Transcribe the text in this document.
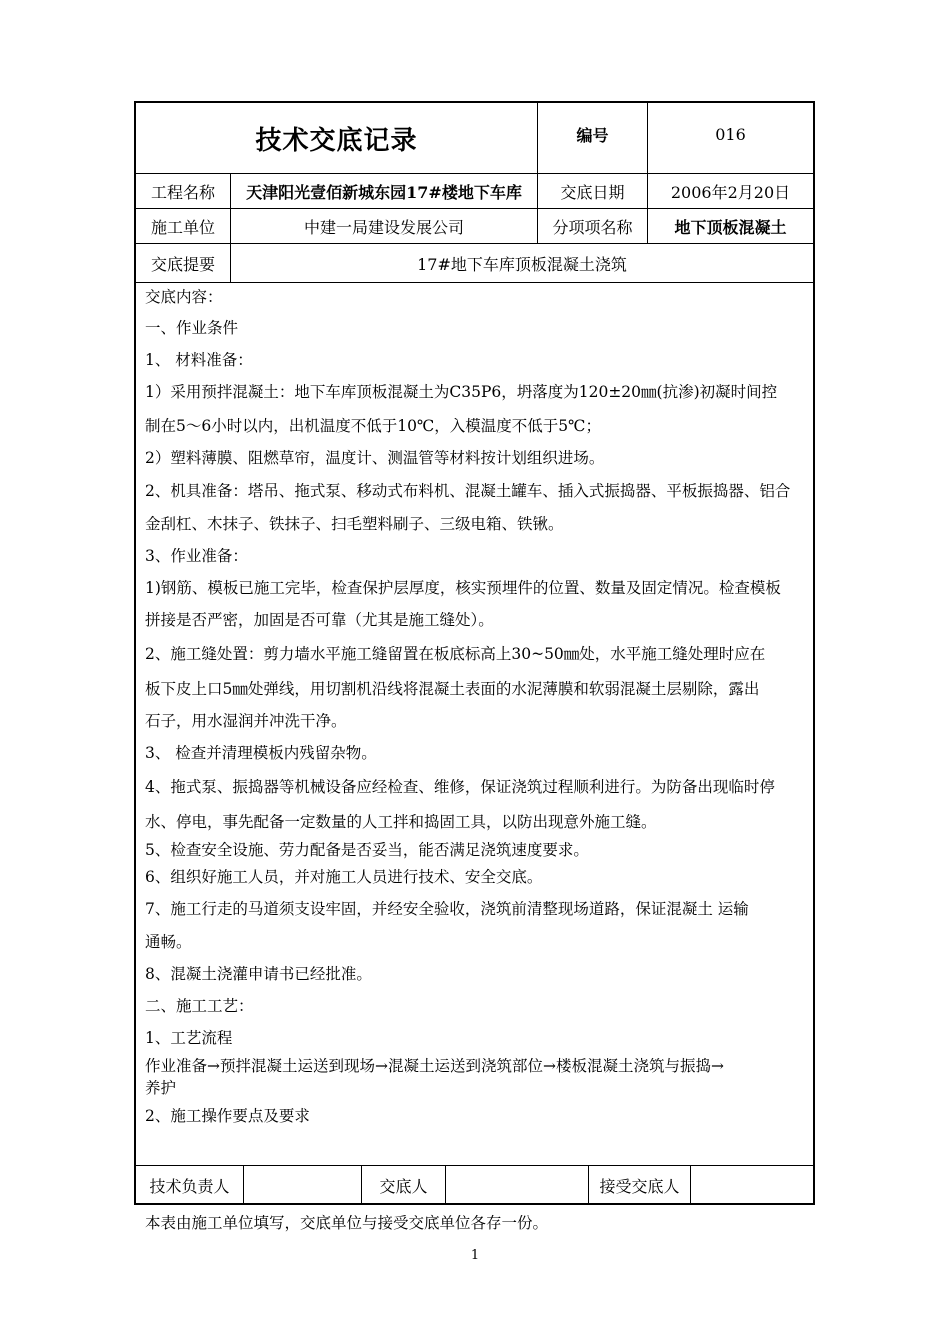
技术交底记录	编号	016
工程名称	天津阳光壹佰新城东园17#楼地下车库	交底日期	2006年2月20日
施工单位	中建一局建设发展公司	分项项名称	地下顶板混凝土
交底提要	17#地下车库顶板混凝土浇筑
交底内容：
一、作业条件
1、 材料准备：
1）采用预拌混凝土：地下车库顶板混凝土为C35P6，坍落度为120±20㎜(抗渗)初凝时间控
制在5～6小时以内，出机温度不低于10℃，入模温度不低于5℃；
2）塑料薄膜、阻燃草帘，温度计、测温管等材料按计划组织进场。
2、机具准备：塔吊、拖式泵、移动式布料机、混凝土罐车、插入式振捣器、平板振捣器、铝合
金刮杠、木抹子、铁抹子、扫毛塑料刷子、三级电箱、铁锹。
3、作业准备：
1)钢筋、模板已施工完毕，检查保护层厚度，核实预埋件的位置、数量及固定情况。检查模板
拼接是否严密，加固是否可靠（尤其是施工缝处）。
2、施工缝处置：剪力墙水平施工缝留置在板底标高上30~50㎜处，水平施工缝处理时应在
板下皮上口5㎜处弹线，用切割机沿线将混凝土表面的水泥薄膜和软弱混凝土层剔除，露出
石子，用水湿润并冲洗干净。
3、 检查并清理模板内残留杂物。
4、拖式泵、振捣器等机械设备应经检查、维修，保证浇筑过程顺利进行。为防备出现临时停
水、停电，事先配备一定数量的人工拌和捣固工具，以防出现意外施工缝。
5、检查安全设施、劳力配备是否妥当，能否满足浇筑速度要求。
6、组织好施工人员，并对施工人员进行技术、安全交底。
7、施工行走的马道须支设牢固，并经安全验收，浇筑前清整现场道路，保证混凝土 运输
通畅。
8、混凝土浇灌申请书已经批准。
二、施工工艺：
1、工艺流程
作业准备→预拌混凝土运送到现场→混凝土运送到浇筑部位→楼板混凝土浇筑与振捣→
养护
2、施工操作要点及要求
技术负责人	交底人	接受交底人
本表由施工单位填写，交底单位与接受交底单位各存一份。
1
